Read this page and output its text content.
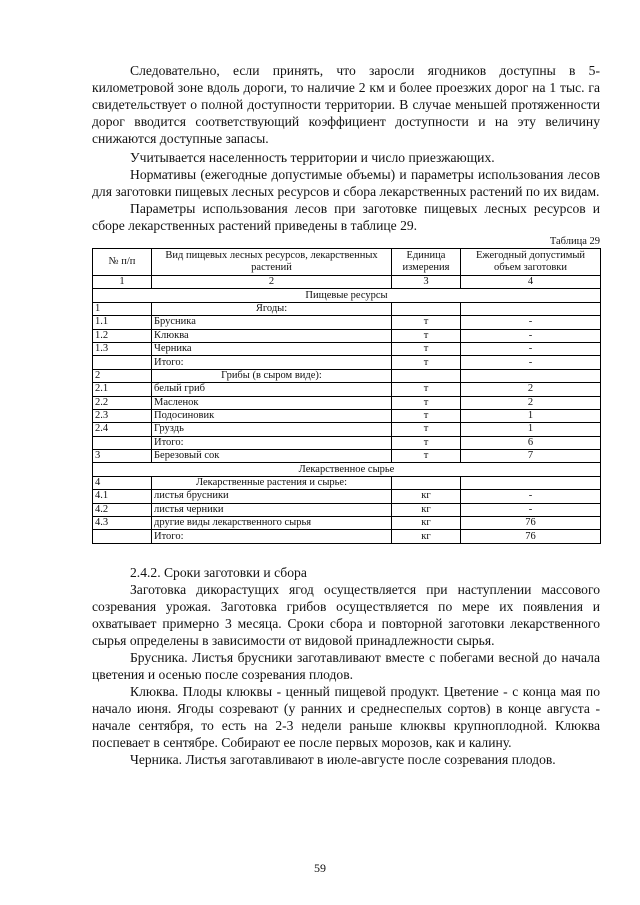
Следовательно, если принять, что заросли ягодников доступны в 5-километровой зоне вдоль дороги, то наличие 2 км и более проезжих дорог на 1 тыс. га свидетельствует о полной доступности территории. В случае меньшей протяженности дорог вводится соответствующий коэффициент доступности и на эту величину снижаются доступные запасы.

Учитывается населенность территории и число приезжающих.

Нормативы (ежегодные допустимые объемы) и параметры использования лесов для заготовки пищевых лесных ресурсов и сбора лекарственных растений по их видам.

Параметры использования лесов при заготовке пищевых лесных ресурсов и сборе лекарственных растений приведены в таблице 29.

Таблица 29
№ п/п	Вид пищевых лесных ресурсов, лекарственных растений	Единица измерения	Ежегодный допустимый объем заготовки
1	2	3	4
Пищевые ресурсы			
1	Ягоды:		
1.1	Брусника	т	-
1.2	Клюква	т	-
1.3	Черника	т	-
	Итого:	т	-
2	Грибы (в сыром виде):		
2.1	белый гриб	т	2
2.2	Масленок	т	2
2.3	Подосиновик	т	1
2.4	Груздь	т	1
	Итого:	т	6
3	Березовый сок	т	7
Лекарственное сырье			
4	Лекарственные растения и сырье:		
4.1	листья брусники	кг	-
4.2	листья черники	кг	-
4.3	другие виды лекарственного сырья	кг	76
	Итого:	кг	76

2.4.2. Сроки заготовки и сбора

Заготовка дикорастущих ягод осуществляется при наступлении массового созревания урожая. Заготовка грибов осуществляется по мере их появления и охватывает примерно 3 месяца. Сроки сбора и повторной заготовки лекарственного сырья определены в зависимости от видовой принадлежности сырья.

Брусника. Листья брусники заготавливают вместе с побегами весной до начала цветения и осенью после созревания плодов.

Клюква. Плоды клюквы - ценный пищевой продукт. Цветение - с конца мая по начало июня. Ягоды созревают (у ранних и среднеспелых сортов) в конце августа - начале сентября, то есть на 2-3 недели раньше клюквы крупноплодной. Клюква поспевает в сентябре. Собирают ее после первых морозов, как и калину.

Черника. Листья заготавливают в июле-августе после созревания плодов.

59
